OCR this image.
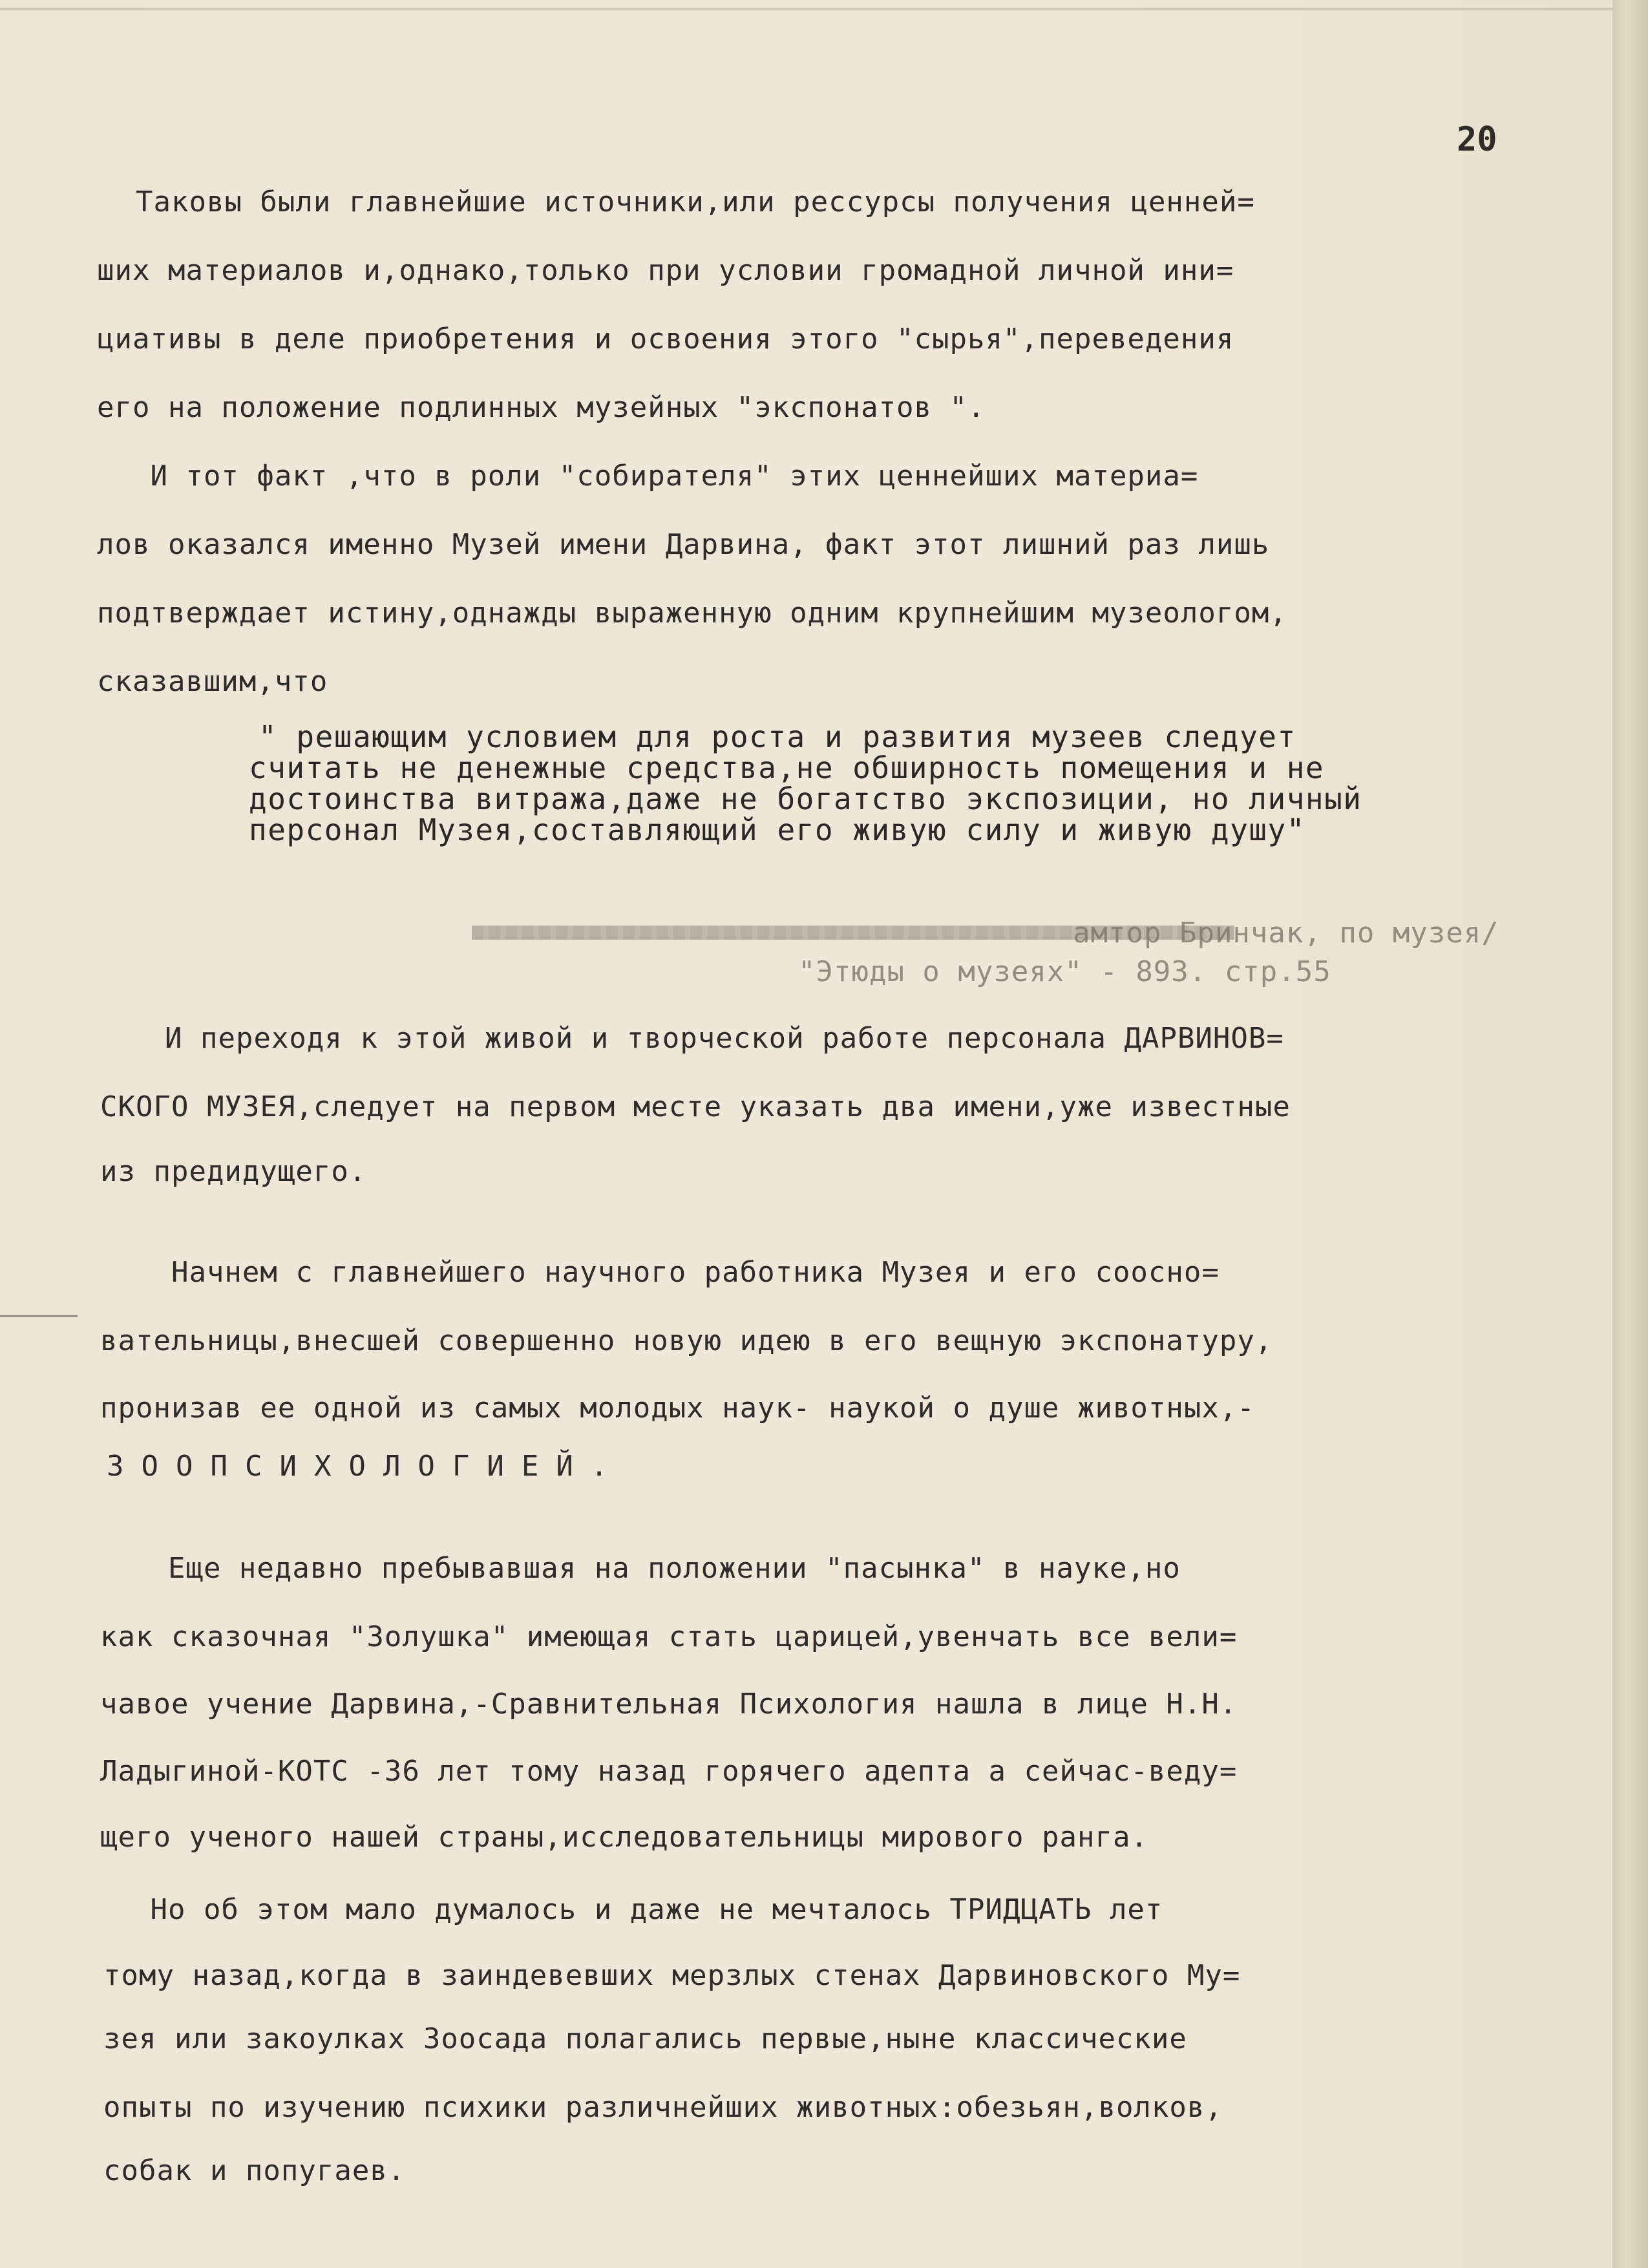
20
Таковы были главнейшие источники,или рессурсы получения ценней=
ших материалов и,однако,только при условии громадной личной ини=
циативы в деле приобретения и освоения этого "сырья",переведения
его на положение подлинных музейных "экспонатов ".
И тот факт ,что в роли "собирателя" этих ценнейших материа=
лов оказался именно Музей имени Дарвина, факт этот лишний раз лишь
подтверждает истину,однажды выраженную одним крупнейшим музеологом,
сказавшим,что
" решающим условием для роста и развития музеев следует
считать не денежные средства,не обширность помещения и не
достоинства витража,даже не богатство экспозиции, но личный
персонал Музея,составляющий его живую силу и живую душу"
амтор Бринчак, по музея/
"Этюды о музеях" - 893. стр.55
И переходя к этой живой и творческой работе персонала ДАРВИНОВ=
СКОГО МУЗЕЯ,следует на первом месте указать два имени,уже известные
из предидущего.
Начнем с главнейшего научного работника Музея и его сооcно=
вательницы,внесшей совершенно новую идею в его вещную экспонатуру,
пронизав ее одной из самых молодых наук- наукой о душе животных,-
ЗООПСИХОЛОГИЕЙ.
Еще недавно пребывавшая на положении "пасынка" в науке,но
как сказочная "Золушка" имеющая стать царицей,увенчать все вели=
чавое учение Дарвина,-Сравнительная Психология нашла в лице Н.Н.
Ладыгиной-КОТС -36 лет тому назад горячего адепта а сейчас-веду=
щего ученого нашей страны,исследовательницы мирового ранга.
Но об этом мало думалось и даже не мечталось ТРИДЦАТЬ лет
тому назад,когда в заиндевевших мерзлых стенах Дарвиновского Му=
зея или закоулках Зоосада полагались первые,ныне классические
опыты по изучению психики различнейших животных:обезьян,волков,
собак и попугаев.
